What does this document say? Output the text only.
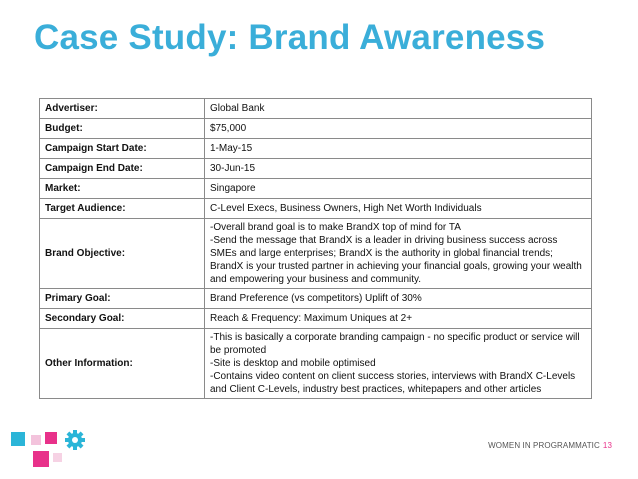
Case Study: Brand Awareness
Advertiser:	Global Bank

Budget:	$75,000

Campaign Start Date:	1-May-15

Campaign End Date:	30-Jun-15

Market:	Singapore

Target Audience:	C-Level Execs, Business Owners, High Net Worth Individuals

Brand Objective:	-Overall brand goal is to make BrandX top of mind for TA
-Send the message that BrandX is a leader in driving business success across SMEs and large enterprises; BrandX is the authority in global financial trends; BrandX is your trusted partner in achieving your financial goals, growing your wealth and empowering your business and community.

Primary Goal:	Brand Preference (vs competitors) Uplift of 30%

Secondary Goal:	Reach & Frequency: Maximum Uniques at 2+

Other Information:	-This is basically a corporate branding campaign - no specific product or service will be promoted
-Site is desktop and mobile optimised
-Contains video content on client success stories, interviews with BrandX C-Levels and Client C-Levels, industry best practices, whitepapers and other articles
WOMEN IN PROGRAMMATIC 13
